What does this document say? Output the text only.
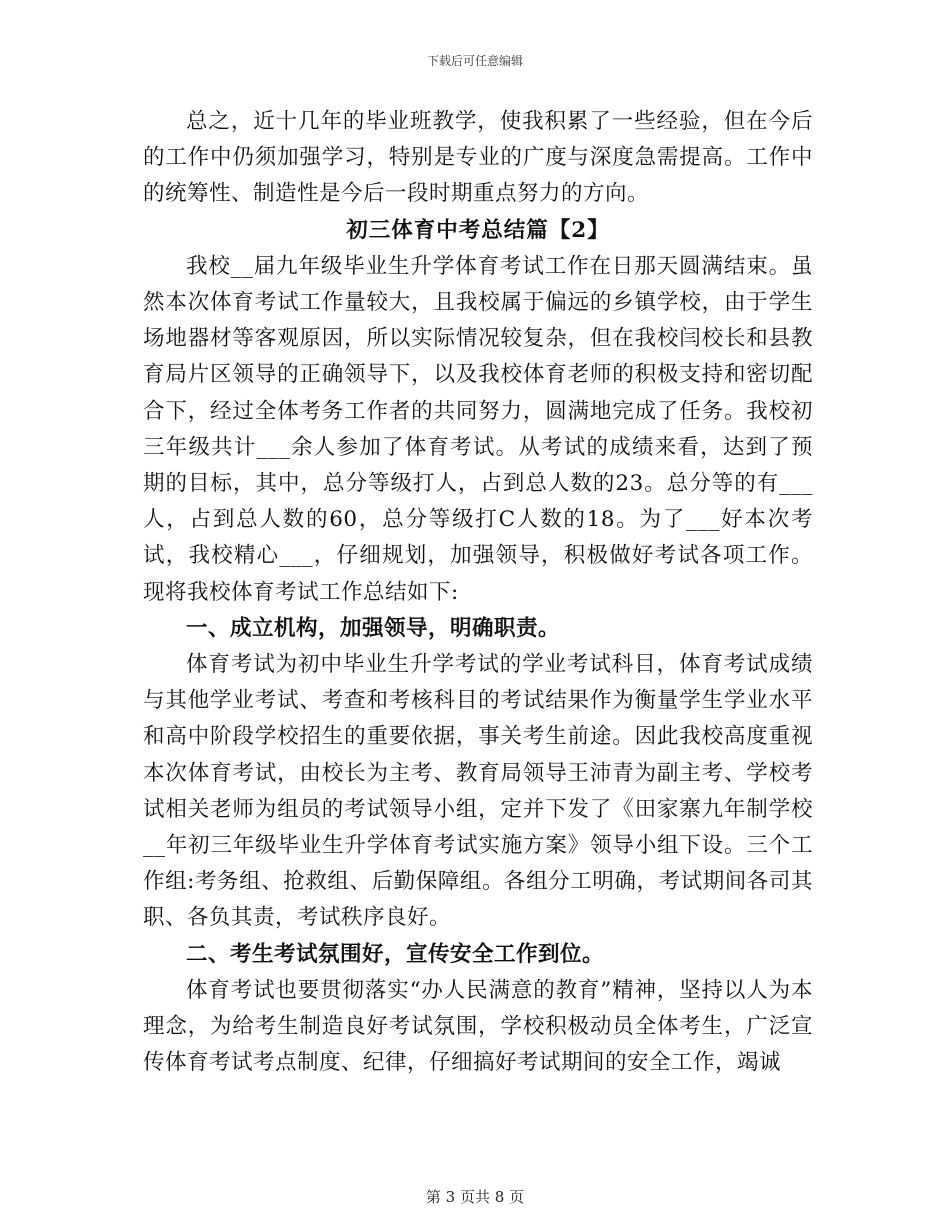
下载后可任意编辑

总之，近十几年的毕业班教学，使我积累了一些经验，但在今后的工作中仍须加强学习，特别是专业的广度与深度急需提高。工作中的统筹性、制造性是今后一段时期重点努力的方向。

初三体育中考总结篇【2】

我校__届九年级毕业生升学体育考试工作在日那天圆满结束。虽然本次体育考试工作量较大，且我校属于偏远的乡镇学校，由于学生场地器材等客观原因，所以实际情况较复杂，但在我校闫校长和县教育局片区领导的正确领导下，以及我校体育老师的积极支持和密切配合下，经过全体考务工作者的共同努力，圆满地完成了任务。我校初三年级共计___余人参加了体育考试。从考试的成绩来看，达到了预期的目标，其中，总分等级打人，占到总人数的23。总分等的有___人，占到总人数的60，总分等级打C人数的18。为了___好本次考试，我校精心___，仔细规划，加强领导，积极做好考试各项工作。现将我校体育考试工作总结如下:

一、成立机构，加强领导，明确职责。

体育考试为初中毕业生升学考试的学业考试科目，体育考试成绩与其他学业考试、考查和考核科目的考试结果作为衡量学生学业水平和高中阶段学校招生的重要依据，事关考生前途。因此我校高度重视本次体育考试，由校长为主考、教育局领导王沛青为副主考、学校考试相关老师为组员的考试领导小组，定并下发了《田家寨九年制学校__年初三年级毕业生升学体育考试实施方案》领导小组下设。三个工作组:考务组、抢救组、后勤保障组。各组分工明确，考试期间各司其职、各负其责，考试秩序良好。

二、考生考试氛围好，宣传安全工作到位。

体育考试也要贯彻落实“办人民满意的教育”精神，坚持以人为本理念，为给考生制造良好考试氛围，学校积极动员全体考生，广泛宣传体育考试考点制度、纪律，仔细搞好考试期间的安全工作，竭诚

第 3 页共 8 页
